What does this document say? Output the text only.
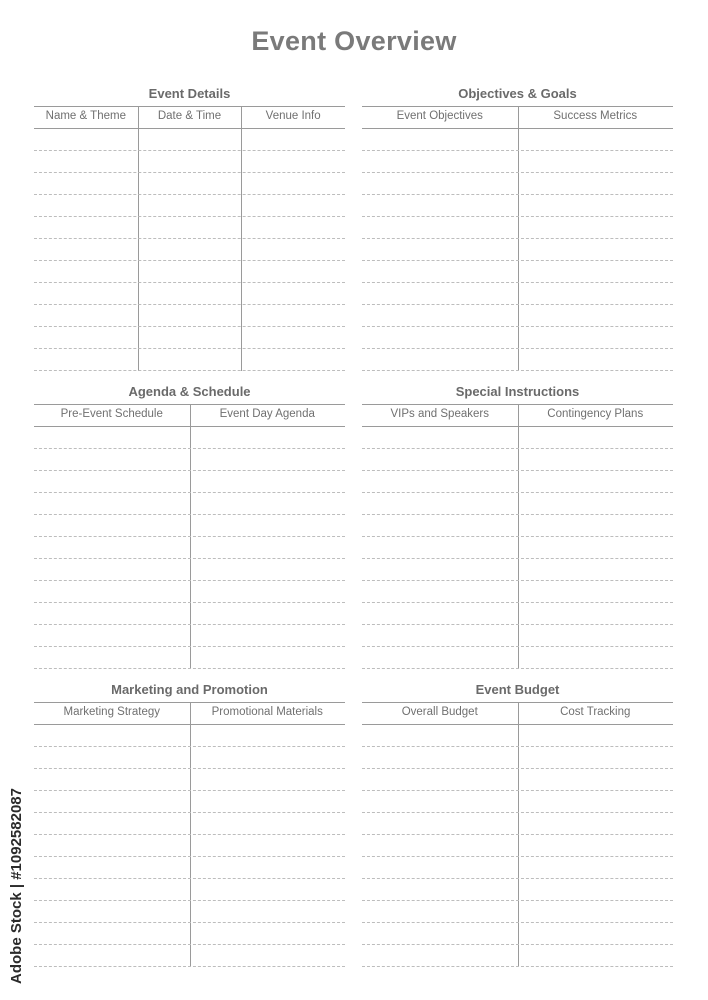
Event Overview
Event Details
Name & Theme	Date & Time	Venue Info
Objectives & Goals
Event Objectives	Success Metrics
Agenda & Schedule
Pre-Event Schedule	Event Day Agenda
Special Instructions
VIPs and Speakers	Contingency Plans
Marketing and Promotion
Marketing Strategy	Promotional Materials
Event Budget
Overall Budget	Cost Tracking
Adobe Stock | #1092582087
